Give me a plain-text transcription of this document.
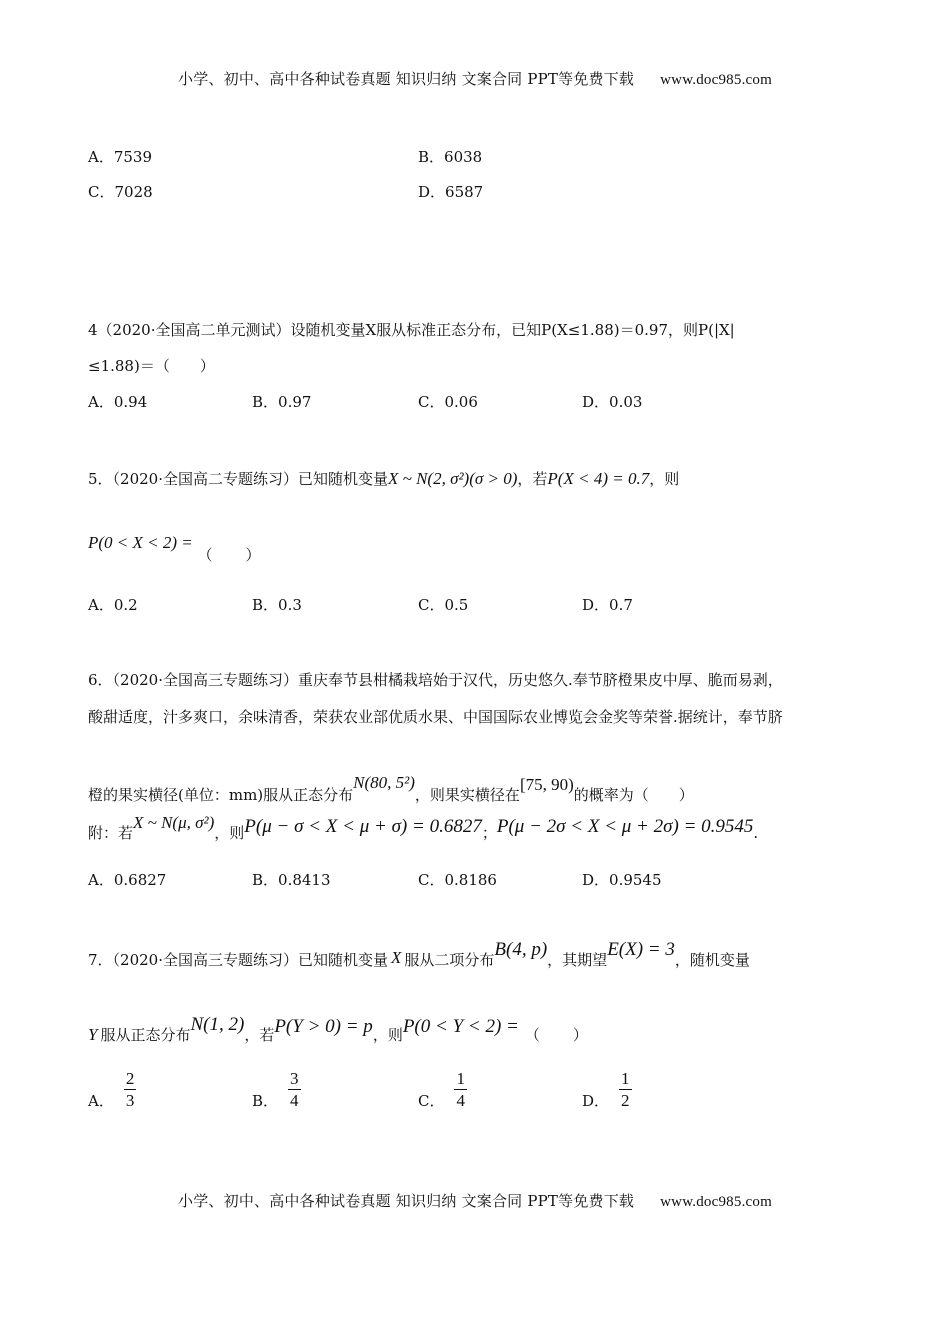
小学、初中、高中各种试卷真题 知识归纳 文案合同 PPT等免费下载 www.doc985.com
A．7539	B．6038
C．7028	D．6587
4（2020·全国高二单元测试）设随机变量X服从标准正态分布，已知P(X≤1.88)＝0.97，则P(|X|
≤1.88)＝（　　）
A．0.94	B．0.97	C．0.06	D．0.03
5．（2020·全国高二专题练习）已知随机变量X ~ N(2, σ²)(σ > 0)，若P(X < 4) = 0.7，则
P(0 < X < 2) = （　　）
A．0.2	B．0.3	C．0.5	D．0.7
6．（2020·全国高三专题练习）重庆奉节县柑橘栽培始于汉代，历史悠久.奉节脐橙果皮中厚、脆而易剥，
酸甜适度，汁多爽口，余味清香，荣获农业部优质水果、中国国际农业博览会金奖等荣誉.据统计，奉节脐
橙的果实横径(单位：mm)服从正态分布N(80, 5²)，则果实横径在[75, 90)的概率为（　　）
附：若X ~ N(μ, σ²)，则P(μ − σ < X < μ + σ) = 0.6827；P(μ − 2σ < X < μ + 2σ) = 0.9545.
A．0.6827	B．0.8413	C．0.8186	D．0.9545
7．（2020·全国高三专题练习）已知随机变量 X 服从二项分布B(4, p)，其期望E(X) = 3，随机变量
Y 服从正态分布N(1, 2)，若P(Y > 0) = p，则P(0 < Y < 2) = （　　）
A． $\frac{2}{3}$	B． $\frac{3}{4}$	C． $\frac{1}{4}$	D． $\frac{1}{2}$
小学、初中、高中各种试卷真题 知识归纳 文案合同 PPT等免费下载 www.doc985.com
